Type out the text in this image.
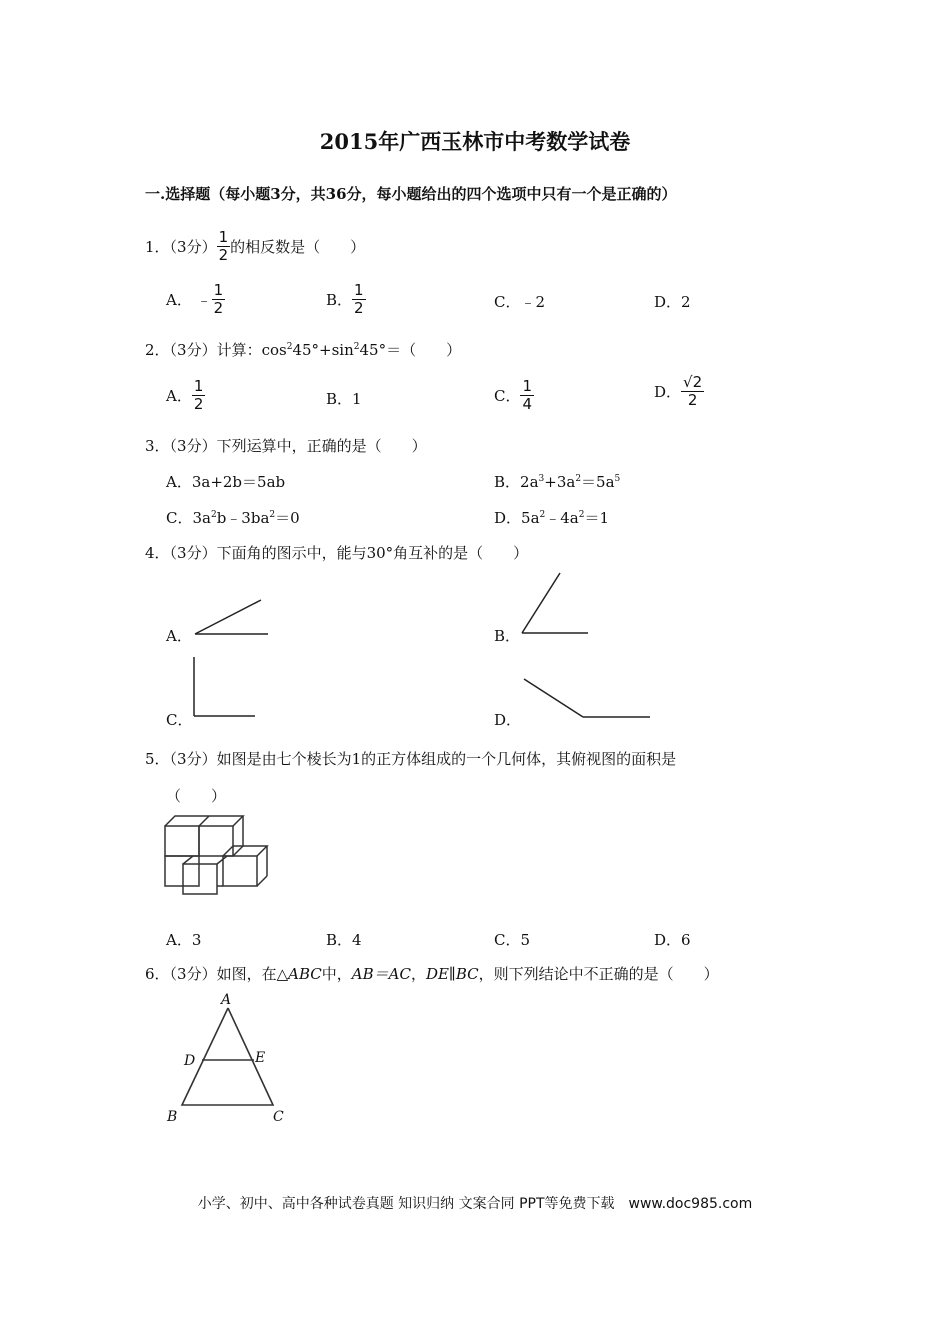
2015年广西玉林市中考数学试卷
一.选择题（每小题3分，共36分，每小题给出的四个选项中只有一个是正确的）
1．（3分） $\frac{1}{2}$ 的相反数是（　　）
A． ﹣ $\frac{1}{2}$	B． $\frac{1}{2}$	C．﹣2	D．2
2．（3分）计算：$\cos^245^\circ+\sin^245^\circ=$（　　）
A． $\frac{1}{2}$	B．1	C． $\frac{1}{4}$	D． $\frac{√2}{2}$
3．（3分）下列运算中，正确的是（　　）
A．3a+2b＝5ab	B．$2a^3+3a^2=5a^5$
C．$3a^2b﹣3ba^2=0$	D．$5a^2﹣4a^2=1$
4．（3分）下面角的图示中，能与30°角互补的是（　　）
A．	B．
C．	D．
5．（3分）如图是由七个棱长为1的正方体组成的一个几何体，其俯视图的面积是
（　　）
A．3	B．4	C．5	D．6
6．（3分）如图，在△ABC中，AB＝AC，DE∥BC，则下列结论中不正确的是（　　）
A
B	C
D	E
小学、初中、高中各种试卷真题 知识归纳 文案合同 PPT等免费下载　www.doc985.com
